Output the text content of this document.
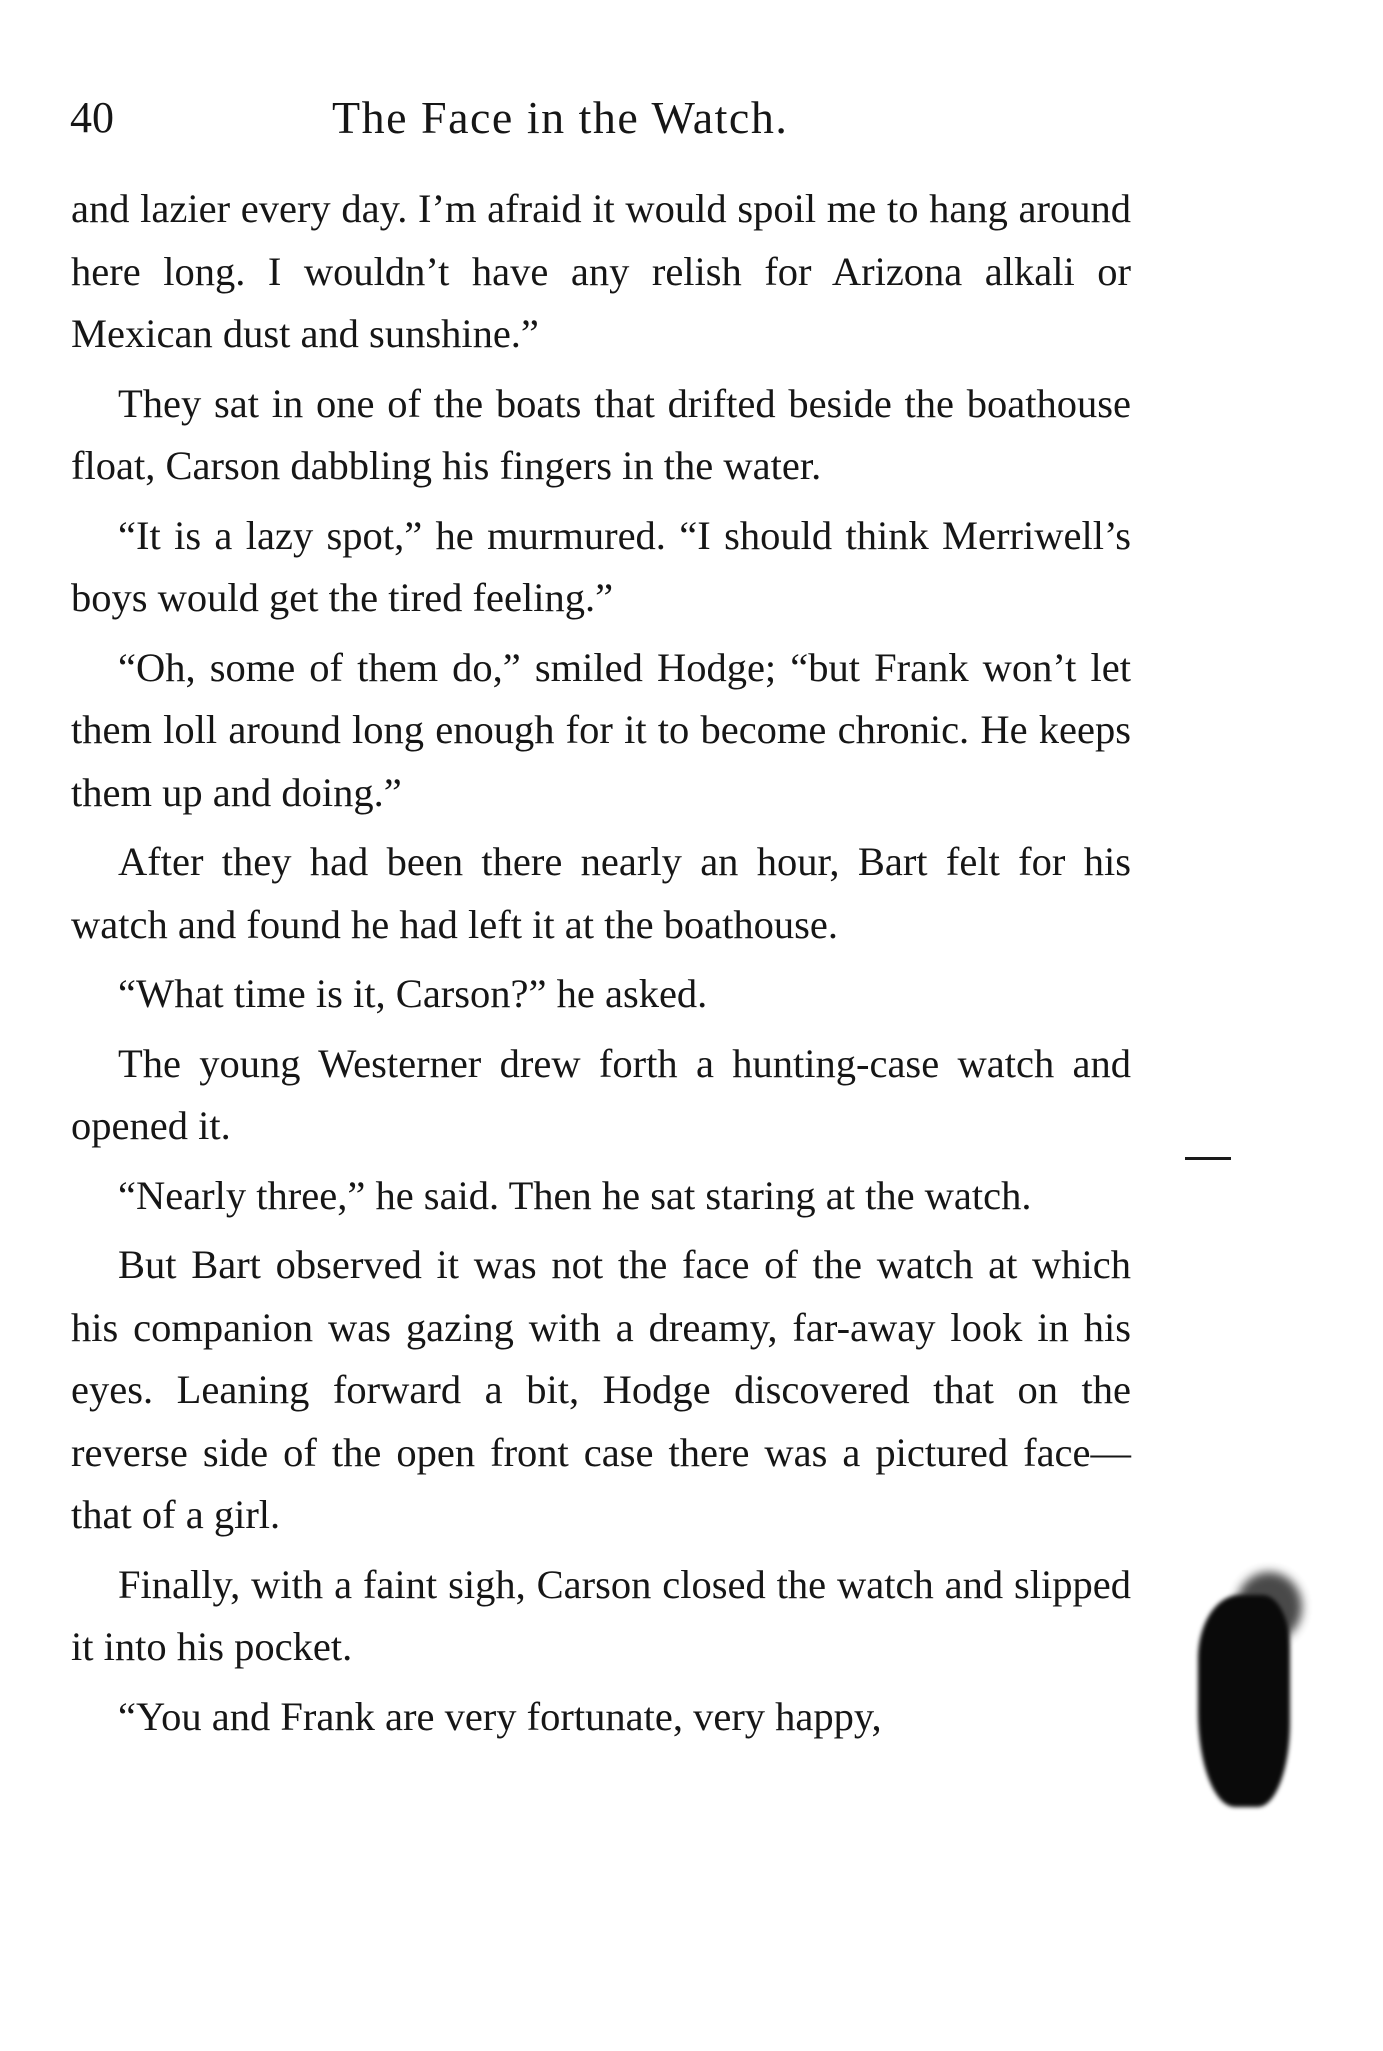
40	The Face in the Watch.

and lazier every day. I’m afraid it would spoil me to hang around here long. I wouldn’t have any relish for Arizona alkali or Mexican dust and sunshine.”

They sat in one of the boats that drifted beside the boathouse float, Carson dabbling his fingers in the water.

“It is a lazy spot,” he murmured. “I should think Merriwell’s boys would get the tired feeling.”

“Oh, some of them do,” smiled Hodge; “but Frank won’t let them loll around long enough for it to become chronic. He keeps them up and doing.”

After they had been there nearly an hour, Bart felt for his watch and found he had left it at the boathouse.

“What time is it, Carson?” he asked.

The young Westerner drew forth a hunting-case watch and opened it.

“Nearly three,” he said. Then he sat staring at the watch.

But Bart observed it was not the face of the watch at which his companion was gazing with a dreamy, far-away look in his eyes. Leaning forward a bit, Hodge discovered that on the reverse side of the open front case there was a pictured face—that of a girl.

Finally, with a faint sigh, Carson closed the watch and slipped it into his pocket.

“You and Frank are very fortunate, very happy,
